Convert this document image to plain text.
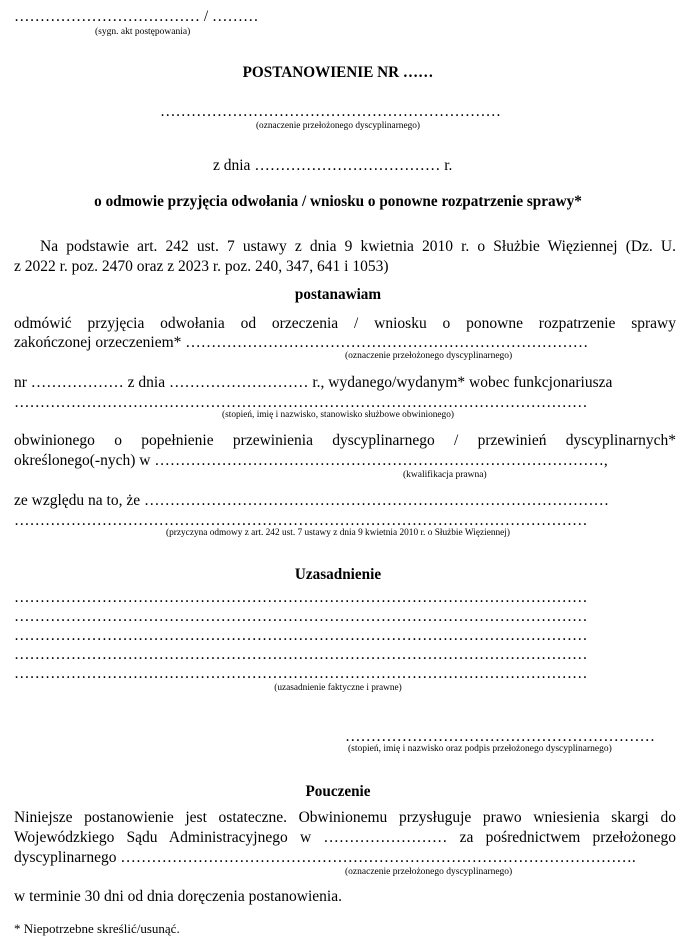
……………………………… / ………
(sygn. akt postępowania)
POSTANOWIENIE NR ……
…………………………………………………………
(oznaczenie przełożonego dyscyplinarnego)
z dnia ……………………………… r.
o odmowie przyjęcia odwołania / wniosku o ponowne rozpatrzenie sprawy*
Na podstawie art. 242 ust. 7 ustawy z dnia 9 kwietnia 2010 r. o Służbie Więziennej (Dz. U.
z 2022 r. poz. 2470 oraz z 2023 r. poz. 240, 347, 641 i 1053)
postanawiam
odmówić przyjęcia odwołania od orzeczenia / wniosku o ponowne rozpatrzenie sprawy
zakończonej orzeczeniem* ……………………………………………………………………
(oznaczenie przełożonego dyscyplinarnego)
nr ……………… z dnia ……………………… r., wydanego/wydanym* wobec funkcjonariusza
…………………………………………………………………………………………………
(stopień, imię i nazwisko, stanowisko służbowe obwinionego)
obwinionego o popełnienie przewinienia dyscyplinarnego / przewinień dyscyplinarnych*
określonego(-nych) w ……………………………………………………………………………,
(kwalifikacja prawna)
ze względu na to, że ………………………………………………………………………………
…………………………………………………………………………………………………
(przyczyna odmowy z art. 242 ust. 7 ustawy z dnia 9 kwietnia 2010 r. o Służbie Więziennej)
Uzasadnienie
…………………………………………………………………………………………………
…………………………………………………………………………………………………
…………………………………………………………………………………………………
…………………………………………………………………………………………………
…………………………………………………………………………………………………
(uzasadnienie faktyczne i prawne)
……………………………………………………
(stopień, imię i nazwisko oraz podpis przełożonego dyscyplinarnego)
Pouczenie
Niniejsze postanowienie jest ostateczne. Obwinionemu przysługuje prawo wniesienia skargi do
Wojewódzkiego Sądu Administracyjnego w …………………… za pośrednictwem przełożonego
dyscyplinarnego ……………………………………………………………………………………….
(oznaczenie przełożonego dyscyplinarnego)
w terminie 30 dni od dnia doręczenia postanowienia.
* Niepotrzebne skreślić/usunąć.
